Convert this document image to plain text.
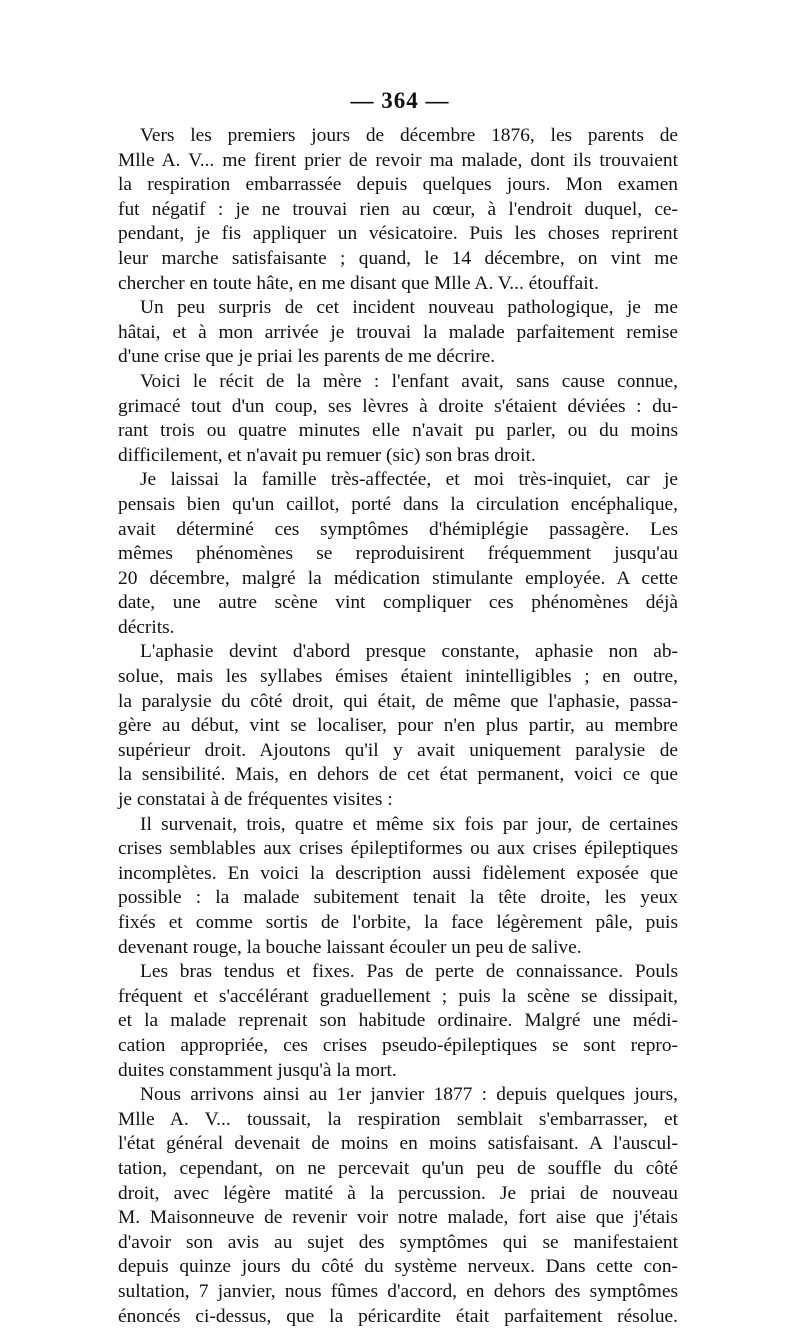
— 364 —
Vers les premiers jours de décembre 1876, les parents de
Mlle A. V... me firent prier de revoir ma malade, dont ils trouvaient
la respiration embarrassée depuis quelques jours. Mon examen
fut négatif : je ne trouvai rien au cœur, à l'endroit duquel, ce-
pendant, je fis appliquer un vésicatoire. Puis les choses reprirent
leur marche satisfaisante ; quand, le 14 décembre, on vint me
chercher en toute hâte, en me disant que Mlle A. V... étouffait.
Un peu surpris de cet incident nouveau pathologique, je me
hâtai, et à mon arrivée je trouvai la malade parfaitement remise
d'une crise que je priai les parents de me décrire.
Voici le récit de la mère : l'enfant avait, sans cause connue,
grimacé tout d'un coup, ses lèvres à droite s'étaient déviées : du-
rant trois ou quatre minutes elle n'avait pu parler, ou du moins
difficilement, et n'avait pu remuer (sic) son bras droit.
Je laissai la famille très-affectée, et moi très-inquiet, car je
pensais bien qu'un caillot, porté dans la circulation encéphalique,
avait déterminé ces symptômes d'hémiplégie passagère. Les
mêmes phénomènes se reproduisirent fréquemment jusqu'au
20 décembre, malgré la médication stimulante employée. A cette
date, une autre scène vint compliquer ces phénomènes déjà
décrits.
L'aphasie devint d'abord presque constante, aphasie non ab-
solue, mais les syllabes émises étaient inintelligibles ; en outre,
la paralysie du côté droit, qui était, de même que l'aphasie, passa-
gère au début, vint se localiser, pour n'en plus partir, au membre
supérieur droit. Ajoutons qu'il y avait uniquement paralysie de
la sensibilité. Mais, en dehors de cet état permanent, voici ce que
je constatai à de fréquentes visites :
Il survenait, trois, quatre et même six fois par jour, de certaines
crises semblables aux crises épileptiformes ou aux crises épileptiques
incomplètes. En voici la description aussi fidèlement exposée que
possible : la malade subitement tenait la tête droite, les yeux
fixés et comme sortis de l'orbite, la face légèrement pâle, puis
devenant rouge, la bouche laissant écouler un peu de salive.
Les bras tendus et fixes. Pas de perte de connaissance. Pouls
fréquent et s'accélérant graduellement ; puis la scène se dissipait,
et la malade reprenait son habitude ordinaire. Malgré une médi-
cation appropriée, ces crises pseudo-épileptiques se sont repro-
duites constamment jusqu'à la mort.
Nous arrivons ainsi au 1er janvier 1877 : depuis quelques jours,
Mlle A. V... toussait, la respiration semblait s'embarrasser, et
l'état général devenait de moins en moins satisfaisant. A l'auscul-
tation, cependant, on ne percevait qu'un peu de souffle du côté
droit, avec légère matité à la percussion. Je priai de nouveau
M. Maisonneuve de revenir voir notre malade, fort aise que j'étais
d'avoir son avis au sujet des symptômes qui se manifestaient
depuis quinze jours du côté du système nerveux. Dans cette con-
sultation, 7 janvier, nous fûmes d'accord, en dehors des symptômes
énoncés ci-dessus, que la péricardite était parfaitement résolue.
